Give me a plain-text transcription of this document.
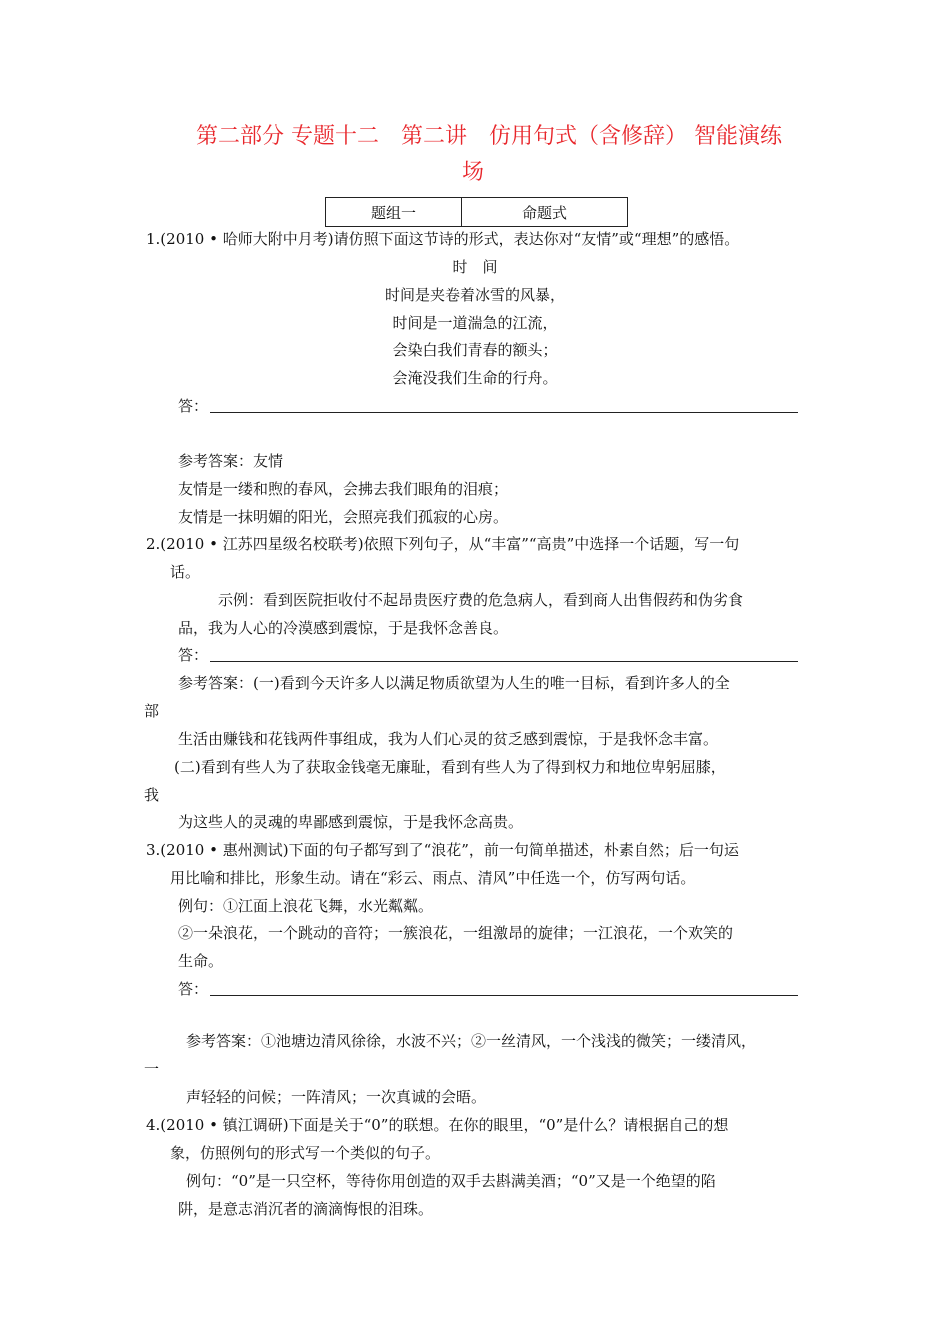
第二部分 专题十二　第二讲　仿用句式（含修辞） 智能演练
场
题组一	命题式
1.(2010 • 哈师大附中月考)请仿照下面这节诗的形式，表达你对“友情”或“理想”的感悟。
时　间
时间是夹卷着冰雪的风暴，
时间是一道湍急的江流，
会染白我们青春的额头；
会淹没我们生命的行舟。
答：
参考答案：友情
友情是一缕和煦的春风，会拂去我们眼角的泪痕；
友情是一抹明媚的阳光，会照亮我们孤寂的心房。
2.(2010 • 江苏四星级名校联考)依照下列句子，从“丰富”“高贵”中选择一个话题，写一句
话。
示例：看到医院拒收付不起昂贵医疗费的危急病人，看到商人出售假药和伪劣食
品，我为人心的冷漠感到震惊，于是我怀念善良。
答：
参考答案：(一)看到今天许多人以满足物质欲望为人生的唯一目标，看到许多人的全
部
生活由赚钱和花钱两件事组成，我为人们心灵的贫乏感到震惊，于是我怀念丰富。
(二)看到有些人为了获取金钱毫无廉耻，看到有些人为了得到权力和地位卑躬屈膝，
我
为这些人的灵魂的卑鄙感到震惊，于是我怀念高贵。
3.(2010 • 惠州测试)下面的句子都写到了“浪花”，前一句简单描述，朴素自然；后一句运
用比喻和排比，形象生动。请在“彩云、雨点、清风”中任选一个，仿写两句话。
例句：①江面上浪花飞舞，水光粼粼。
②一朵浪花，一个跳动的音符；一簇浪花，一组激昂的旋律；一江浪花，一个欢笑的
生命。
答：
参考答案：①池塘边清风徐徐，水波不兴；②一丝清风，一个浅浅的微笑；一缕清风，
一
声轻轻的问候；一阵清风；一次真诚的会晤。
4.(2010 • 镇江调研)下面是关于“0”的联想。在你的眼里，“0”是什么？请根据自己的想
象，仿照例句的形式写一个类似的句子。
例句：“0”是一只空杯，等待你用创造的双手去斟满美酒；“0”又是一个绝望的陷
阱，是意志消沉者的滴滴悔恨的泪珠。
